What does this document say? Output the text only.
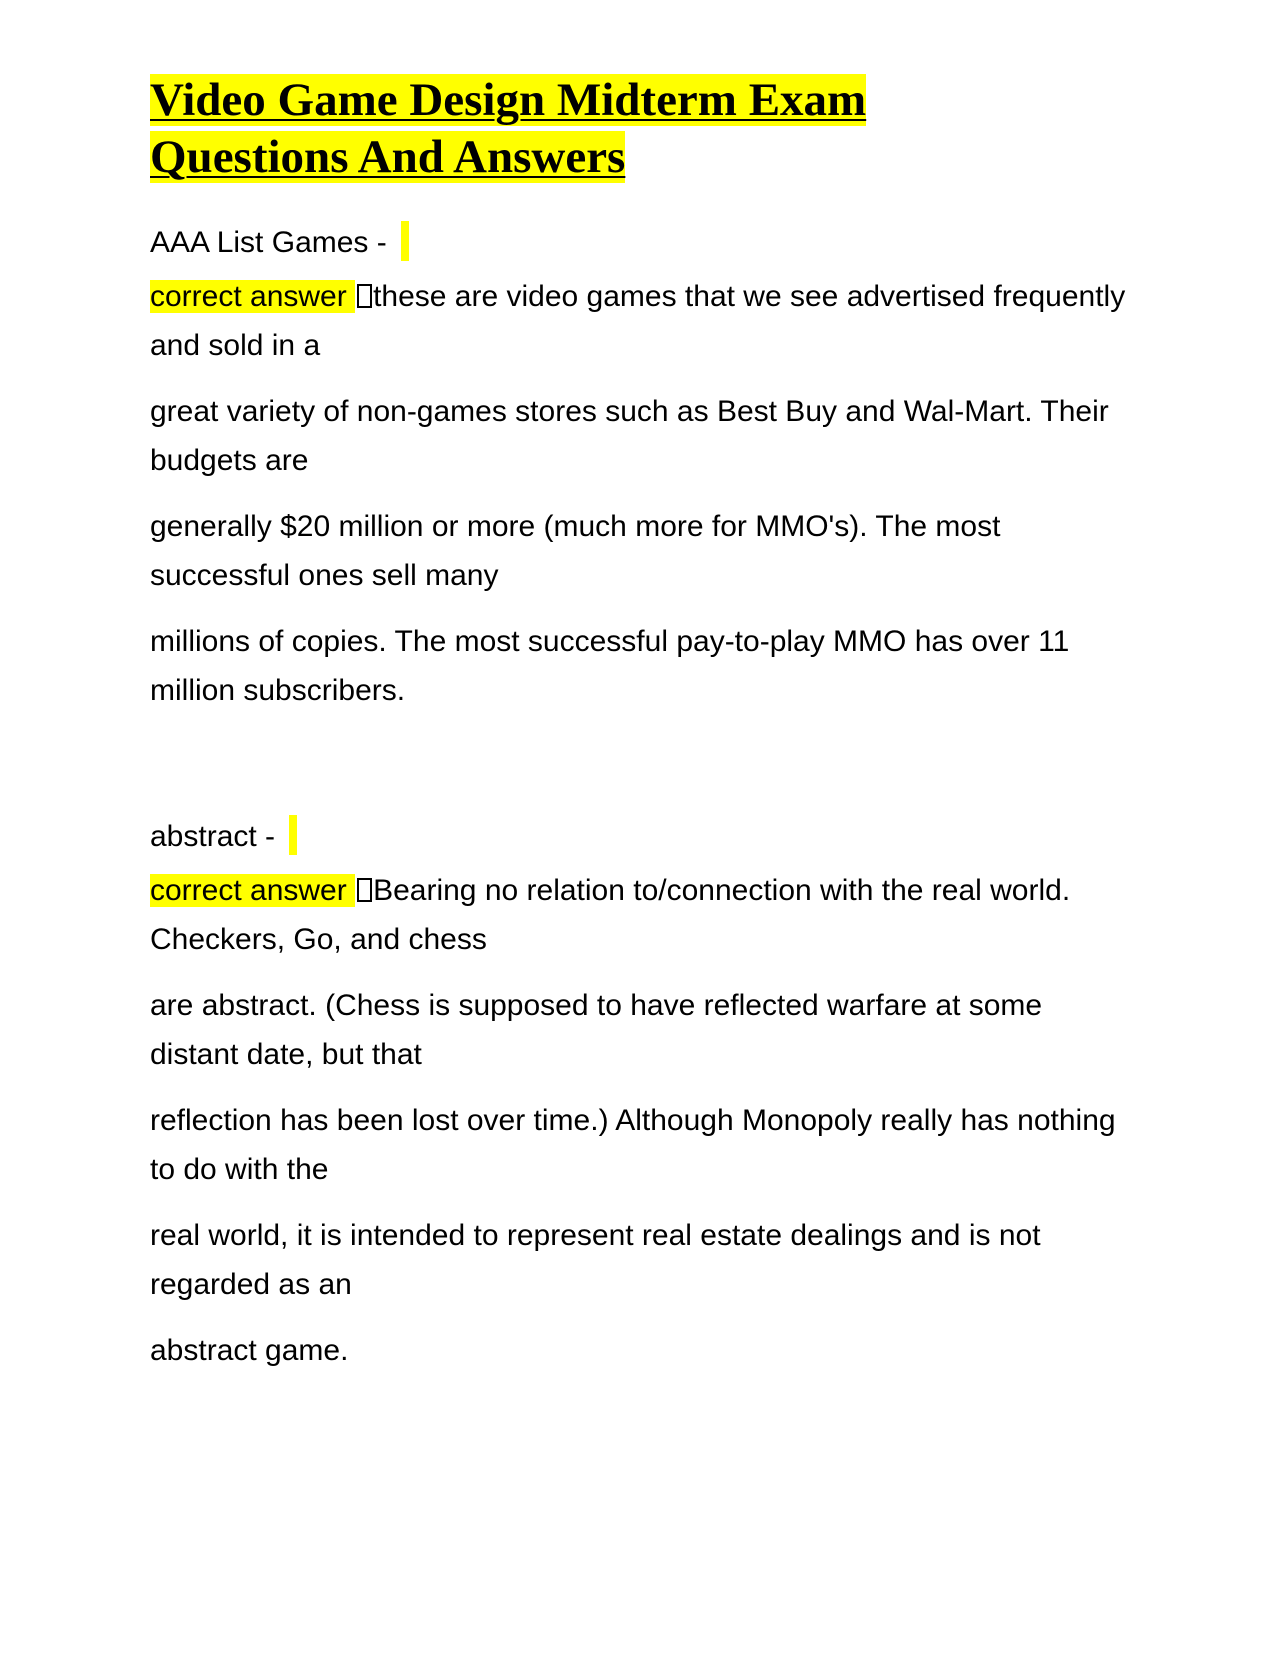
Video Game Design Midterm Exam
Questions And Answers

AAA List Games -

correct answer these are video games that we see advertised frequently and sold in a

great variety of non-games stores such as Best Buy and Wal-Mart. Their budgets are

generally $20 million or more (much more for MMO's). The most successful ones sell many

millions of copies. The most successful pay-to-play MMO has over 11 million subscribers.

abstract -

correct answer Bearing no relation to/connection with the real world. Checkers, Go, and chess

are abstract. (Chess is supposed to have reflected warfare at some distant date, but that

reflection has been lost over time.) Although Monopoly really has nothing to do with the

real world, it is intended to represent real estate dealings and is not regarded as an

abstract game.
